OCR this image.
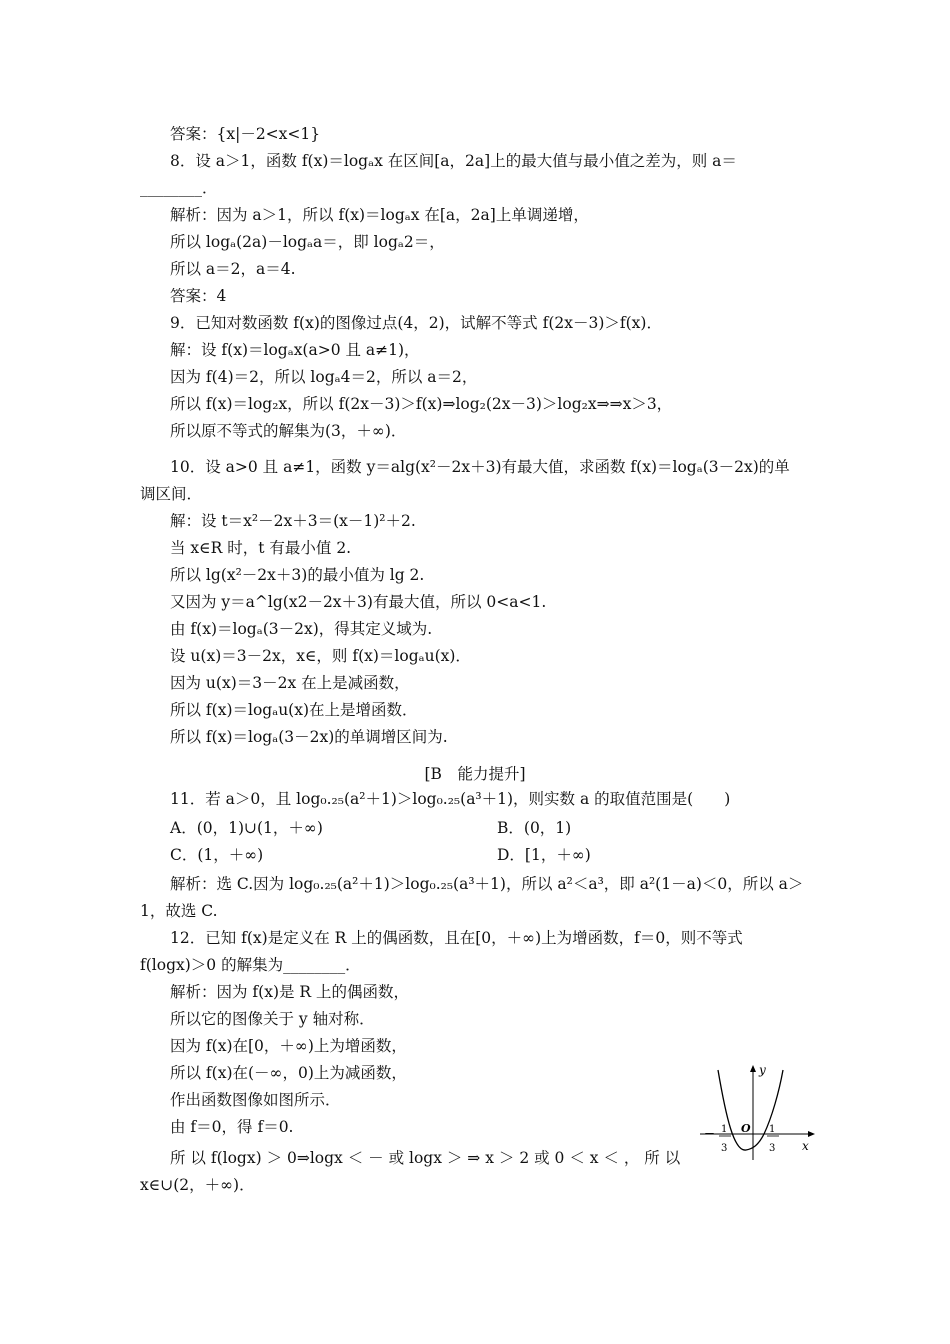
答案：{x|－2<x<1}
8．设 a＞1，函数 f(x)＝logₐx 在区间[a，2a]上的最大值与最小值之差为，则 a＝
________．
解析：因为 a＞1，所以 f(x)＝logₐx 在[a，2a]上单调递增，
所以 logₐ(2a)－logₐa＝，即 logₐ2＝，
所以 a＝2，a＝4.
答案：4
9．已知对数函数 f(x)的图像过点(4，2)，试解不等式 f(2x－3)＞f(x)．
解：设 f(x)＝logₐx(a>0 且 a≠1)，
因为 f(4)＝2，所以 logₐ4＝2，所以 a＝2，
所以 f(x)＝log₂x，所以 f(2x－3)＞f(x)⇒log₂(2x－3)＞log₂x⇒⇒x＞3，
所以原不等式的解集为(3，＋∞)．
10．设 a>0 且 a≠1，函数 y＝alg(x²－2x＋3)有最大值，求函数 f(x)＝logₐ(3－2x)的单
调区间．
解：设 t＝x²－2x＋3＝(x－1)²＋2.
当 x∈R 时，t 有最小值 2.
所以 lg(x²－2x＋3)的最小值为 lg 2.
又因为 y＝a^lg(x2－2x＋3)有最大值，所以 0<a<1.
由 f(x)＝logₐ(3－2x)，得其定义域为.
设 u(x)＝3－2x，x∈，则 f(x)＝logₐu(x)．
因为 u(x)＝3－2x 在上是减函数，
所以 f(x)＝logₐu(x)在上是增函数．
所以 f(x)＝logₐ(3－2x)的单调增区间为.
11．若 a＞0，且 log₀.₂₅(a²＋1)＞log₀.₂₅(a³＋1)，则实数 a 的取值范围是(　　)
解析：选 C.因为 log₀.₂₅(a²＋1)＞log₀.₂₅(a³＋1)，所以 a²＜a³，即 a²(1－a)＜0，所以 a＞
1，故选 C.
12．已知 f(x)是定义在 R 上的偶函数，且在[0，＋∞)上为增函数，f＝0，则不等式
f(logx)＞0 的解集为________．
解析：因为 f(x)是 R 上的偶函数，
所以它的图像关于 y 轴对称．
因为 f(x)在[0，＋∞)上为增函数，
所以 f(x)在(－∞，0)上为减函数，
作出函数图像如图所示．
由 f＝0，得 f＝0.
所 以 f(logx) ＞ 0⇒logx ＜ － 或 logx ＞ ⇒ x ＞ 2 或 0 ＜ x ＜ ， 所 以
x∈∪(2，＋∞)．
A．(0，1)∪(1，＋∞)	B．(0，1)
C．(1，＋∞)	D．[1，＋∞)
[B　能力提升]
y
x
O
－ 1
3
1
3
